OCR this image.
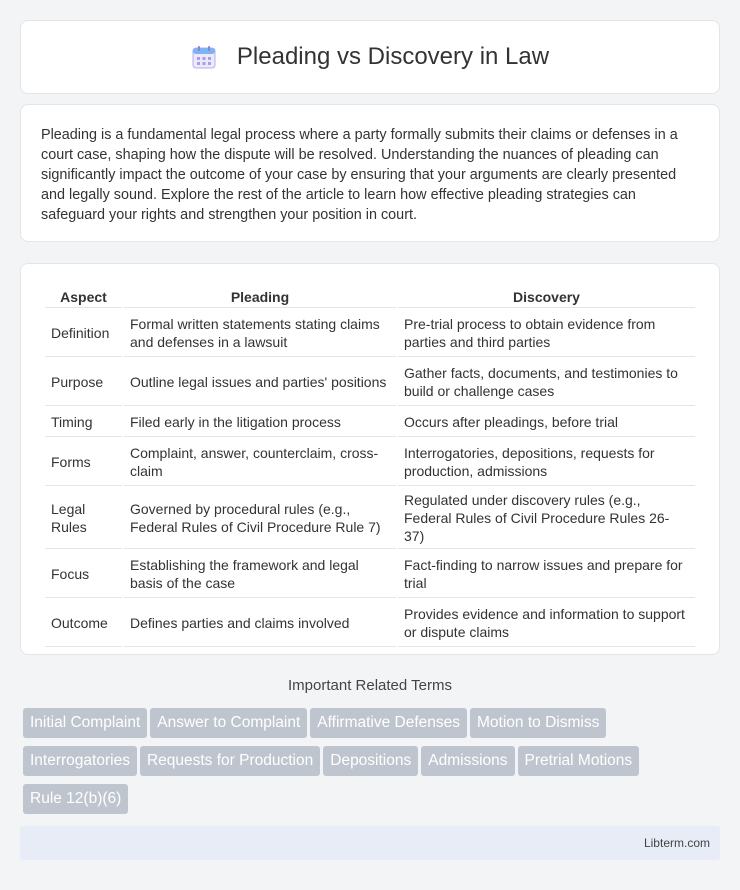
Pleading vs Discovery in Law

Pleading is a fundamental legal process where a party formally submits their claims or defenses in a court case, shaping how the dispute will be resolved. Understanding the nuances of pleading can significantly impact the outcome of your case by ensuring that your arguments are clearly presented and legally sound. Explore the rest of the article to learn how effective pleading strategies can safeguard your rights and strengthen your position in court.

Aspect	Pleading	Discovery
Definition	Formal written statements stating claims and defenses in a lawsuit	Pre-trial process to obtain evidence from parties and third parties
Purpose	Outline legal issues and parties' positions	Gather facts, documents, and testimonies to build or challenge cases
Timing	Filed early in the litigation process	Occurs after pleadings, before trial
Forms	Complaint, answer, counterclaim, cross-claim	Interrogatories, depositions, requests for production, admissions
Legal Rules	Governed by procedural rules (e.g., Federal Rules of Civil Procedure Rule 7)	Regulated under discovery rules (e.g., Federal Rules of Civil Procedure Rules 26-37)
Focus	Establishing the framework and legal basis of the case	Fact-finding to narrow issues and prepare for trial
Outcome	Defines parties and claims involved	Provides evidence and information to support or dispute claims
Important Related Terms
Initial Complaint Answer to Complaint Affirmative Defenses Motion to Dismiss
Interrogatories Requests for Production Depositions Admissions Pretrial Motions
Rule 12(b)(6)
Libterm.com
